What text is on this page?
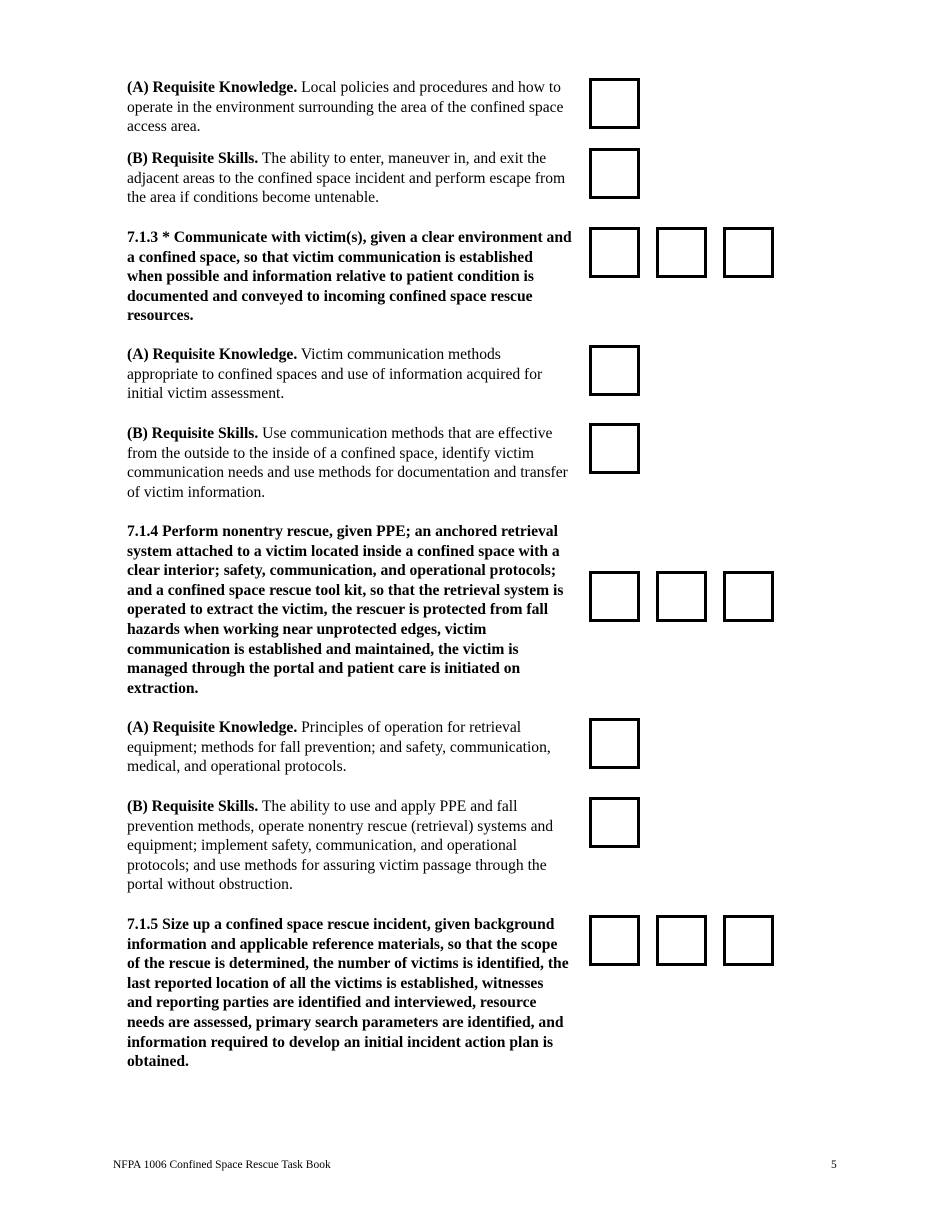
(A) Requisite Knowledge. Local policies and procedures and how to operate in the environment surrounding the area of the confined space access area.
(B) Requisite Skills. The ability to enter, maneuver in, and exit the adjacent areas to the confined space incident and perform escape from the area if conditions become untenable.
7.1.3 * Communicate with victim(s), given a clear environment and a confined space, so that victim communication is established when possible and information relative to patient condition is documented and conveyed to incoming confined space rescue resources.
(A) Requisite Knowledge. Victim communication methods appropriate to confined spaces and use of information acquired for initial victim assessment.
(B) Requisite Skills. Use communication methods that are effective from the outside to the inside of a confined space, identify victim communication needs and use methods for documentation and transfer of victim information.
7.1.4 Perform nonentry rescue, given PPE; an anchored retrieval system attached to a victim located inside a confined space with a clear interior; safety, communication, and operational protocols; and a confined space rescue tool kit, so that the retrieval system is operated to extract the victim, the rescuer is protected from fall hazards when working near unprotected edges, victim communication is established and maintained, the victim is managed through the portal and patient care is initiated on extraction.
(A) Requisite Knowledge. Principles of operation for retrieval equipment; methods for fall prevention; and safety, communication, medical, and operational protocols.
(B) Requisite Skills. The ability to use and apply PPE and fall prevention methods, operate nonentry rescue (retrieval) systems and equipment; implement safety, communication, and operational protocols; and use methods for assuring victim passage through the portal without obstruction.
7.1.5 Size up a confined space rescue incident, given background information and applicable reference materials, so that the scope of the rescue is determined, the number of victims is identified, the last reported location of all the victims is established, witnesses and reporting parties are identified and interviewed, resource needs are assessed, primary search parameters are identified, and information required to develop an initial incident action plan is obtained.
NFPA 1006 Confined Space Rescue Task Book	5
